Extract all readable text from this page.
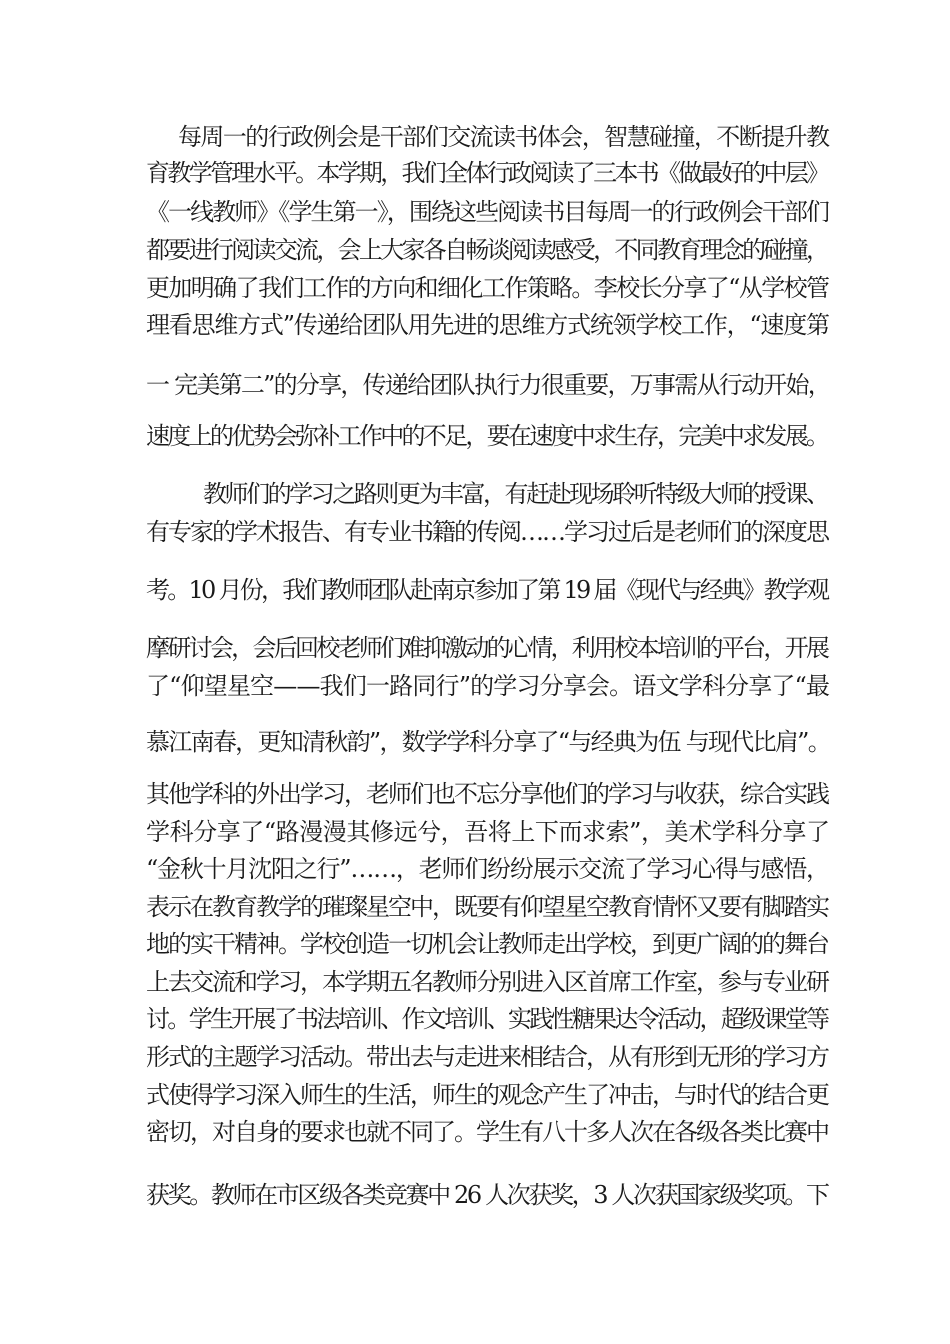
每周一的行政例会是干部们交流读书体会，智慧碰撞，不断提升教
育教学管理水平。本学期，我们全体行政阅读了三本书《做最好的中层》
《一线教师》《学生第一》，围绕这些阅读书目每周一的行政例会干部们
都要进行阅读交流，会上大家各自畅谈阅读感受，不同教育理念的碰撞，
更加明确了我们工作的方向和细化工作策略。李校长分享了“从学校管
理看思维方式”传递给团队用先进的思维方式统领学校工作，“速度第
一 完美第二”的分享，传递给团队执行力很重要，万事需从行动开始，
速度上的优势会弥补工作中的不足，要在速度中求生存，完美中求发展。
教师们的学习之路则更为丰富，有赶赴现场聆听特级大师的授课、
有专家的学术报告、有专业书籍的传阅……学习过后是老师们的深度思
考。10 月份，我们教师团队赴南京参加了第 19 届《现代与经典》教学观
摩研讨会，会后回校老师们难抑激动的心情，利用校本培训的平台，开展
了“仰望星空——我们一路同行”的学习分享会。语文学科分享了“最
慕江南春，更知清秋韵”，数学学科分享了“与经典为伍 与现代比肩”。
其他学科的外出学习，老师们也不忘分享他们的学习与收获，综合实践
学科分享了“路漫漫其修远兮，吾将上下而求索”，美术学科分享了
“金秋十月沈阳之行”……，老师们纷纷展示交流了学习心得与感悟，
表示在教育教学的璀璨星空中，既要有仰望星空教育情怀又要有脚踏实
地的实干精神。学校创造一切机会让教师走出学校，到更广阔的的舞台
上去交流和学习，本学期五名教师分别进入区首席工作室，参与专业研
讨。学生开展了书法培训、作文培训、实践性糖果达令活动，超级课堂等
形式的主题学习活动。带出去与走进来相结合，从有形到无形的学习方
式使得学习深入师生的生活，师生的观念产生了冲击，与时代的结合更
密切，对自身的要求也就不同了。学生有八十多人次在各级各类比赛中
获奖。教师在市区级各类竞赛中 26 人次获奖，3 人次获国家级奖项。下
